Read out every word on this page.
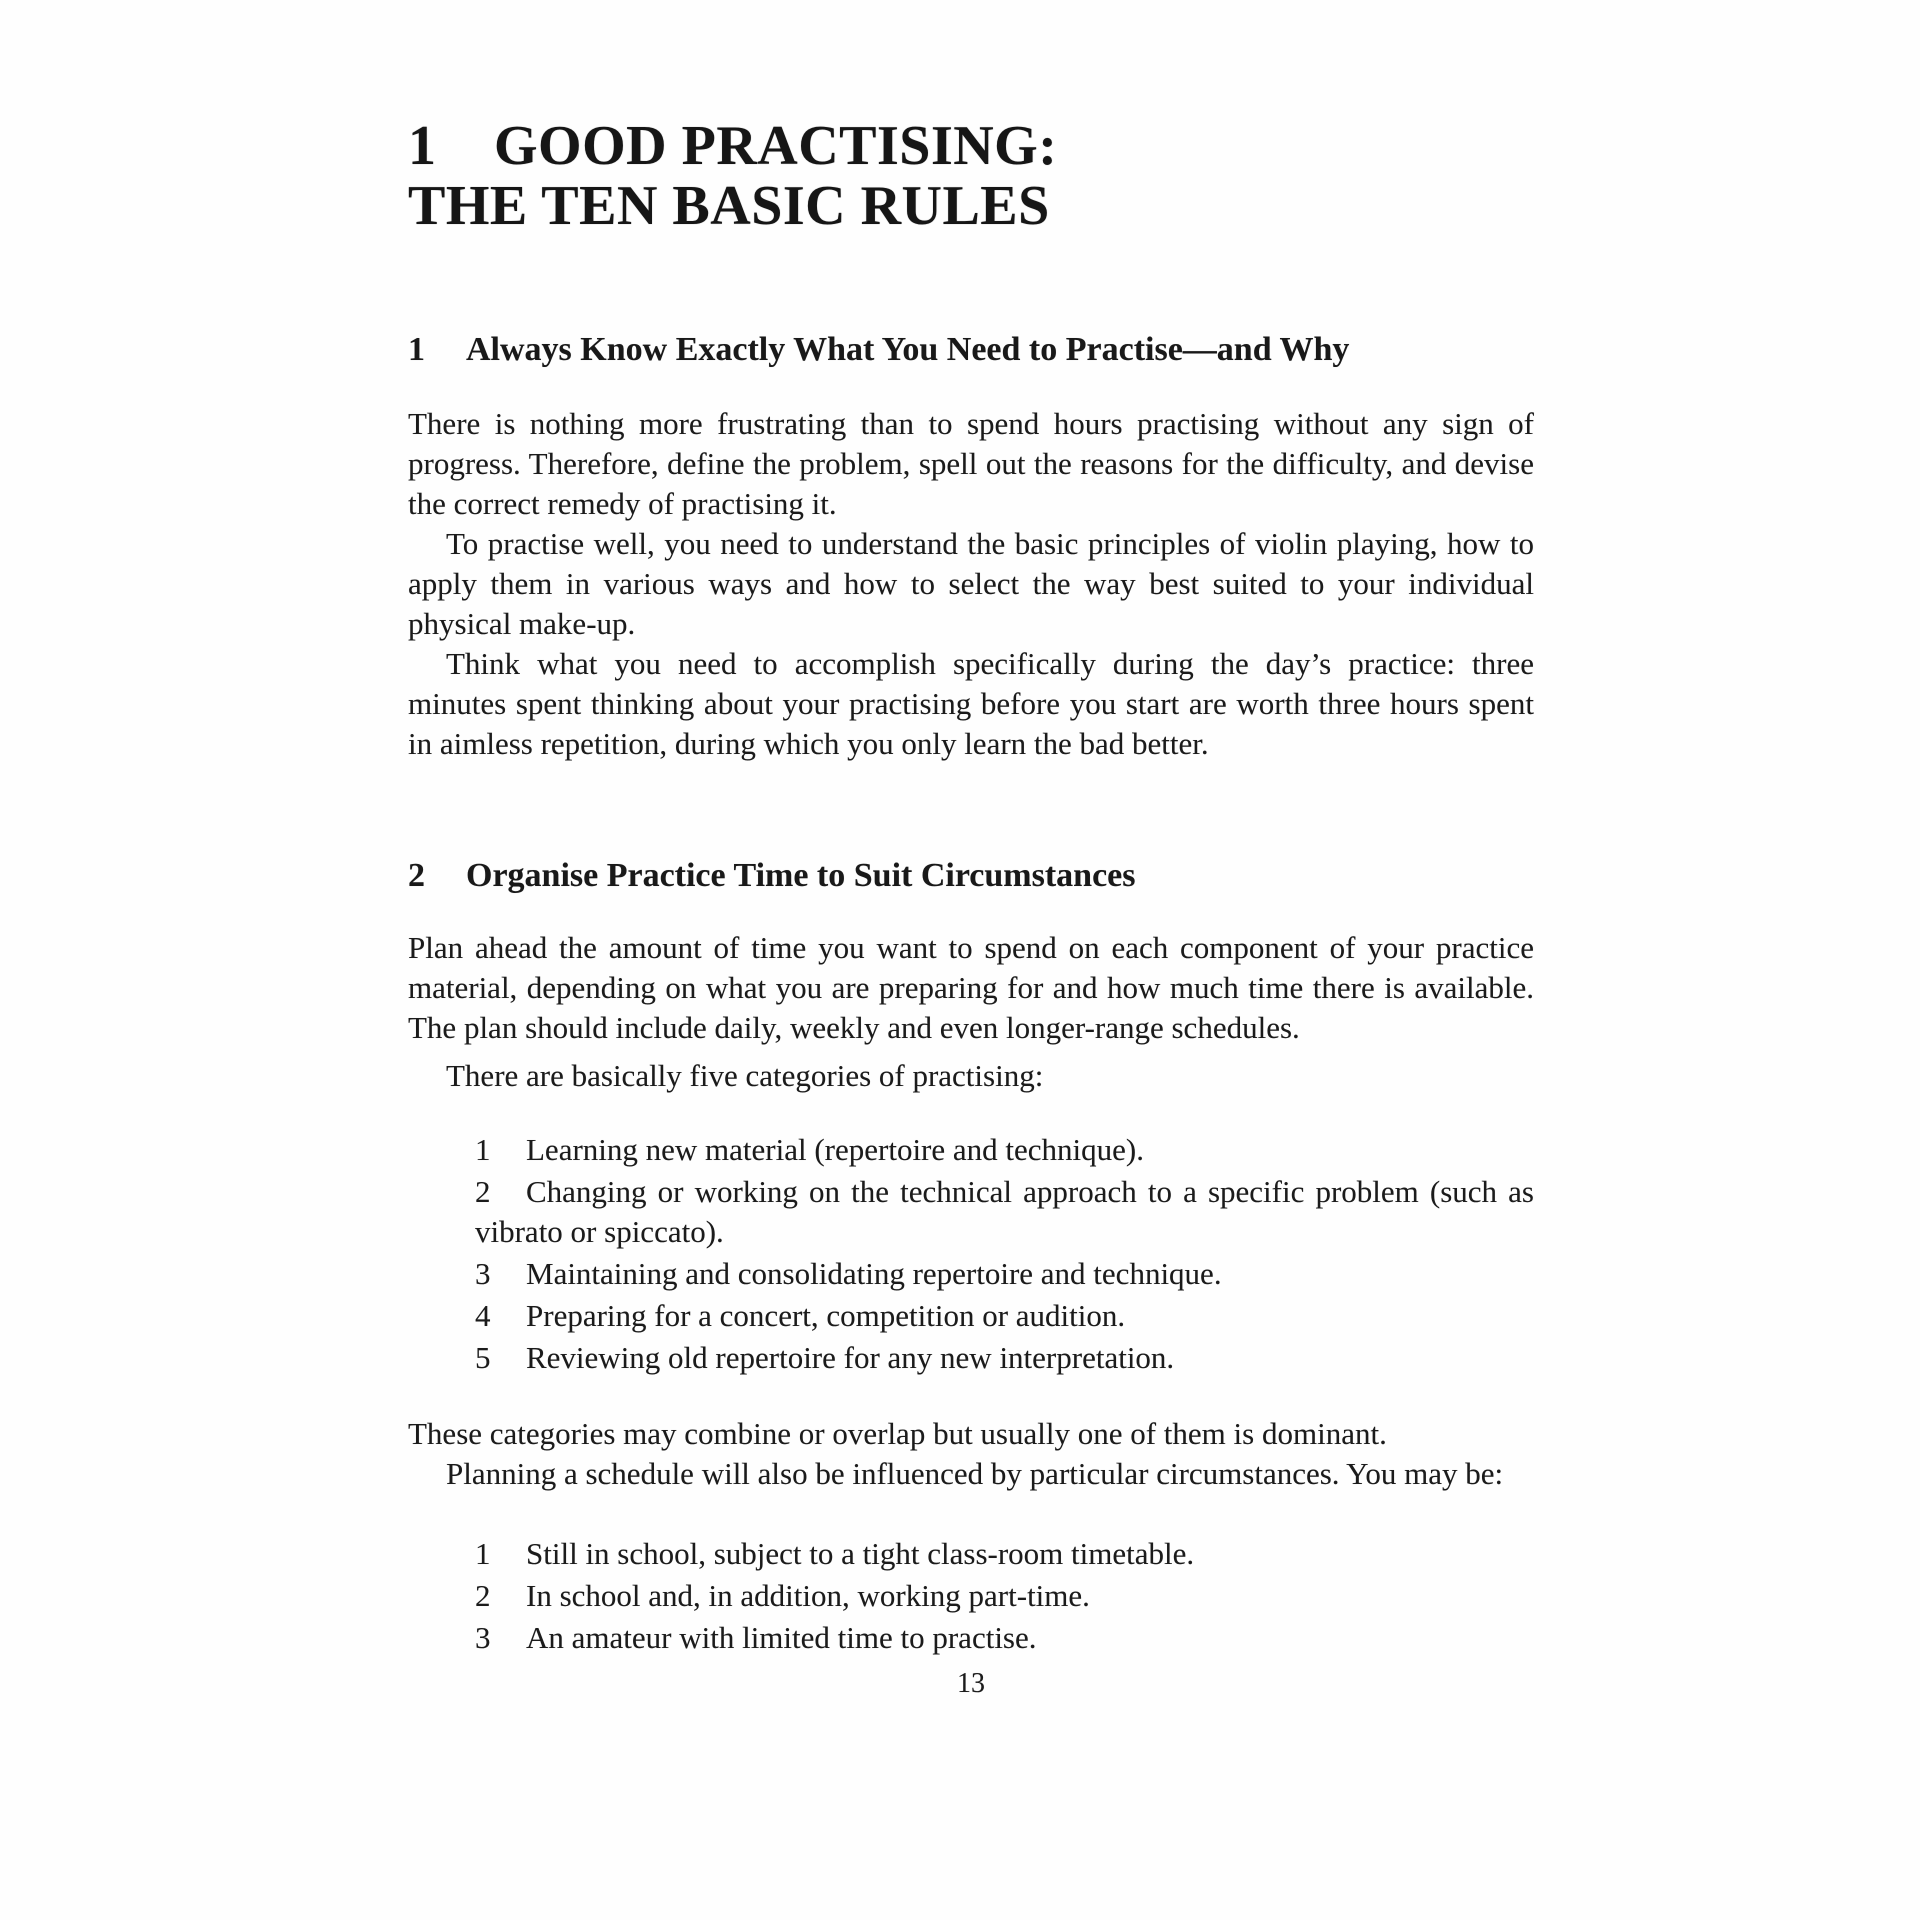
1 GOOD PRACTISING:
THE TEN BASIC RULES
1 Always Know Exactly What You Need to Practise—and Why

There is nothing more frustrating than to spend hours practising without any sign of progress. Therefore, define the problem, spell out the reasons for the difficulty, and devise the correct remedy of practising it.

To practise well, you need to understand the basic principles of violin playing, how to apply them in various ways and how to select the way best suited to your individual physical make-up.

Think what you need to accomplish specifically during the day’s practice: three minutes spent thinking about your practising before you start are worth three hours spent in aimless repetition, during which you only learn the bad better.

2 Organise Practice Time to Suit Circumstances

Plan ahead the amount of time you want to spend on each component of your practice material, depending on what you are preparing for and how much time there is available. The plan should include daily, weekly and even longer-range schedules.

There are basically five categories of practising:

1 Learning new material (repertoire and technique).
2 Changing or working on the technical approach to a specific problem (such as vibrato or spiccato).
3 Maintaining and consolidating repertoire and technique.
4 Preparing for a concert, competition or audition.
5 Reviewing old repertoire for any new interpretation.

These categories may combine or overlap but usually one of them is dominant.

Planning a schedule will also be influenced by particular circumstances. You may be:

1 Still in school, subject to a tight class-room timetable.
2 In school and, in addition, working part-time.
3 An amateur with limited time to practise.
13
